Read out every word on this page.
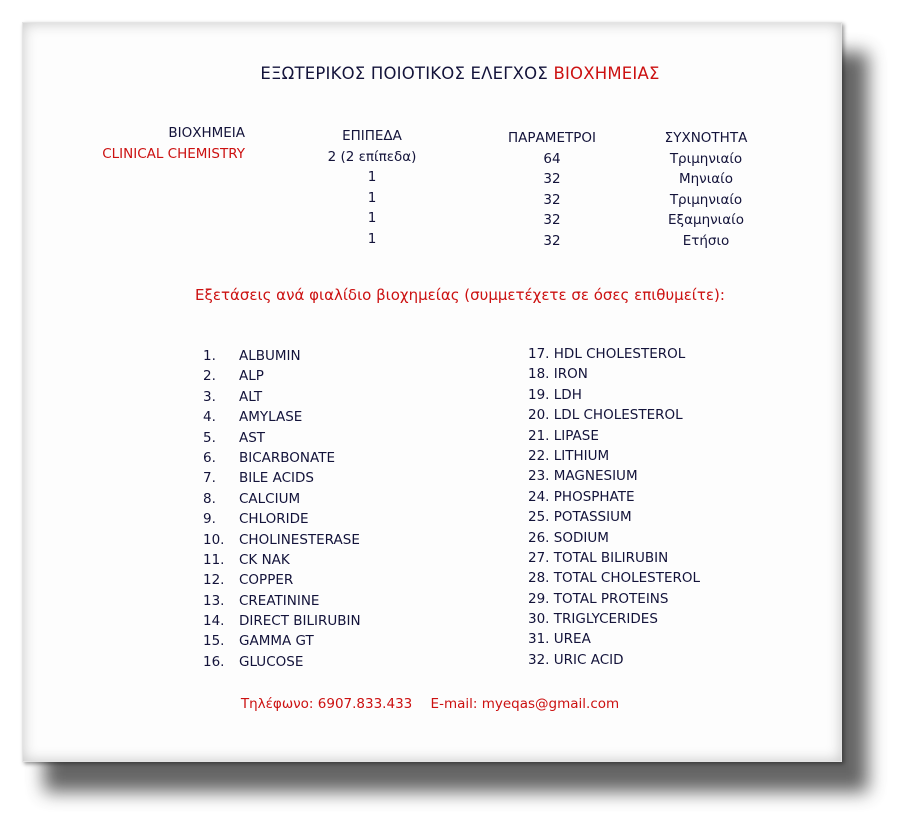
ΕΞΩΤΕΡΙΚΟΣ ΠΟΙΟΤΙΚΟΣ ΕΛΕΓΧΟΣ ΒΙΟΧΗΜΕΙΑΣ
ΒΙΟΧΗΜΕΙΑ
CLINICAL CHEMISTRY
ΕΠΙΠΕΔΑ
2 (2 επίπεδα)
1
1
1
1
ΠΑΡΑΜΕΤΡΟΙ
64
32
32
32
32
ΣΥΧΝΟΤΗΤΑ
Τριμηνιαίο
Μηνιαίο
Τριμηνιαίο
Εξαμηνιαίο
Ετήσιο
Εξετάσεις ανά φιαλίδιο βιοχημείας (συμμετέχετε σε όσες επιθυμείτε):
1. ALBUMIN
2. ALP
3. ALT
4. AMYLASE
5. AST
6. BICARBONATE
7. BILE ACIDS
8. CALCIUM
9. CHLORIDE
10. CHOLINESTERASE
11. CK NAK
12. COPPER
13. CREATININE
14. DIRECT BILIRUBIN
15. GAMMA GT
16. GLUCOSE
17. HDL CHOLESTEROL
18. IRON
19. LDH
20. LDL CHOLESTEROL
21. LIPASE
22. LITHIUM
23. MAGNESIUM
24. PHOSPHATE
25. POTASSIUM
26. SODIUM
27. TOTAL BILIRUBIN
28. TOTAL CHOLESTEROL
29. TOTAL PROTEINS
30. TRIGLYCERIDES
31. UREA
32. URIC ACID
Τηλέφωνο: 6907.833.433 E-mail: myeqas@gmail.com
